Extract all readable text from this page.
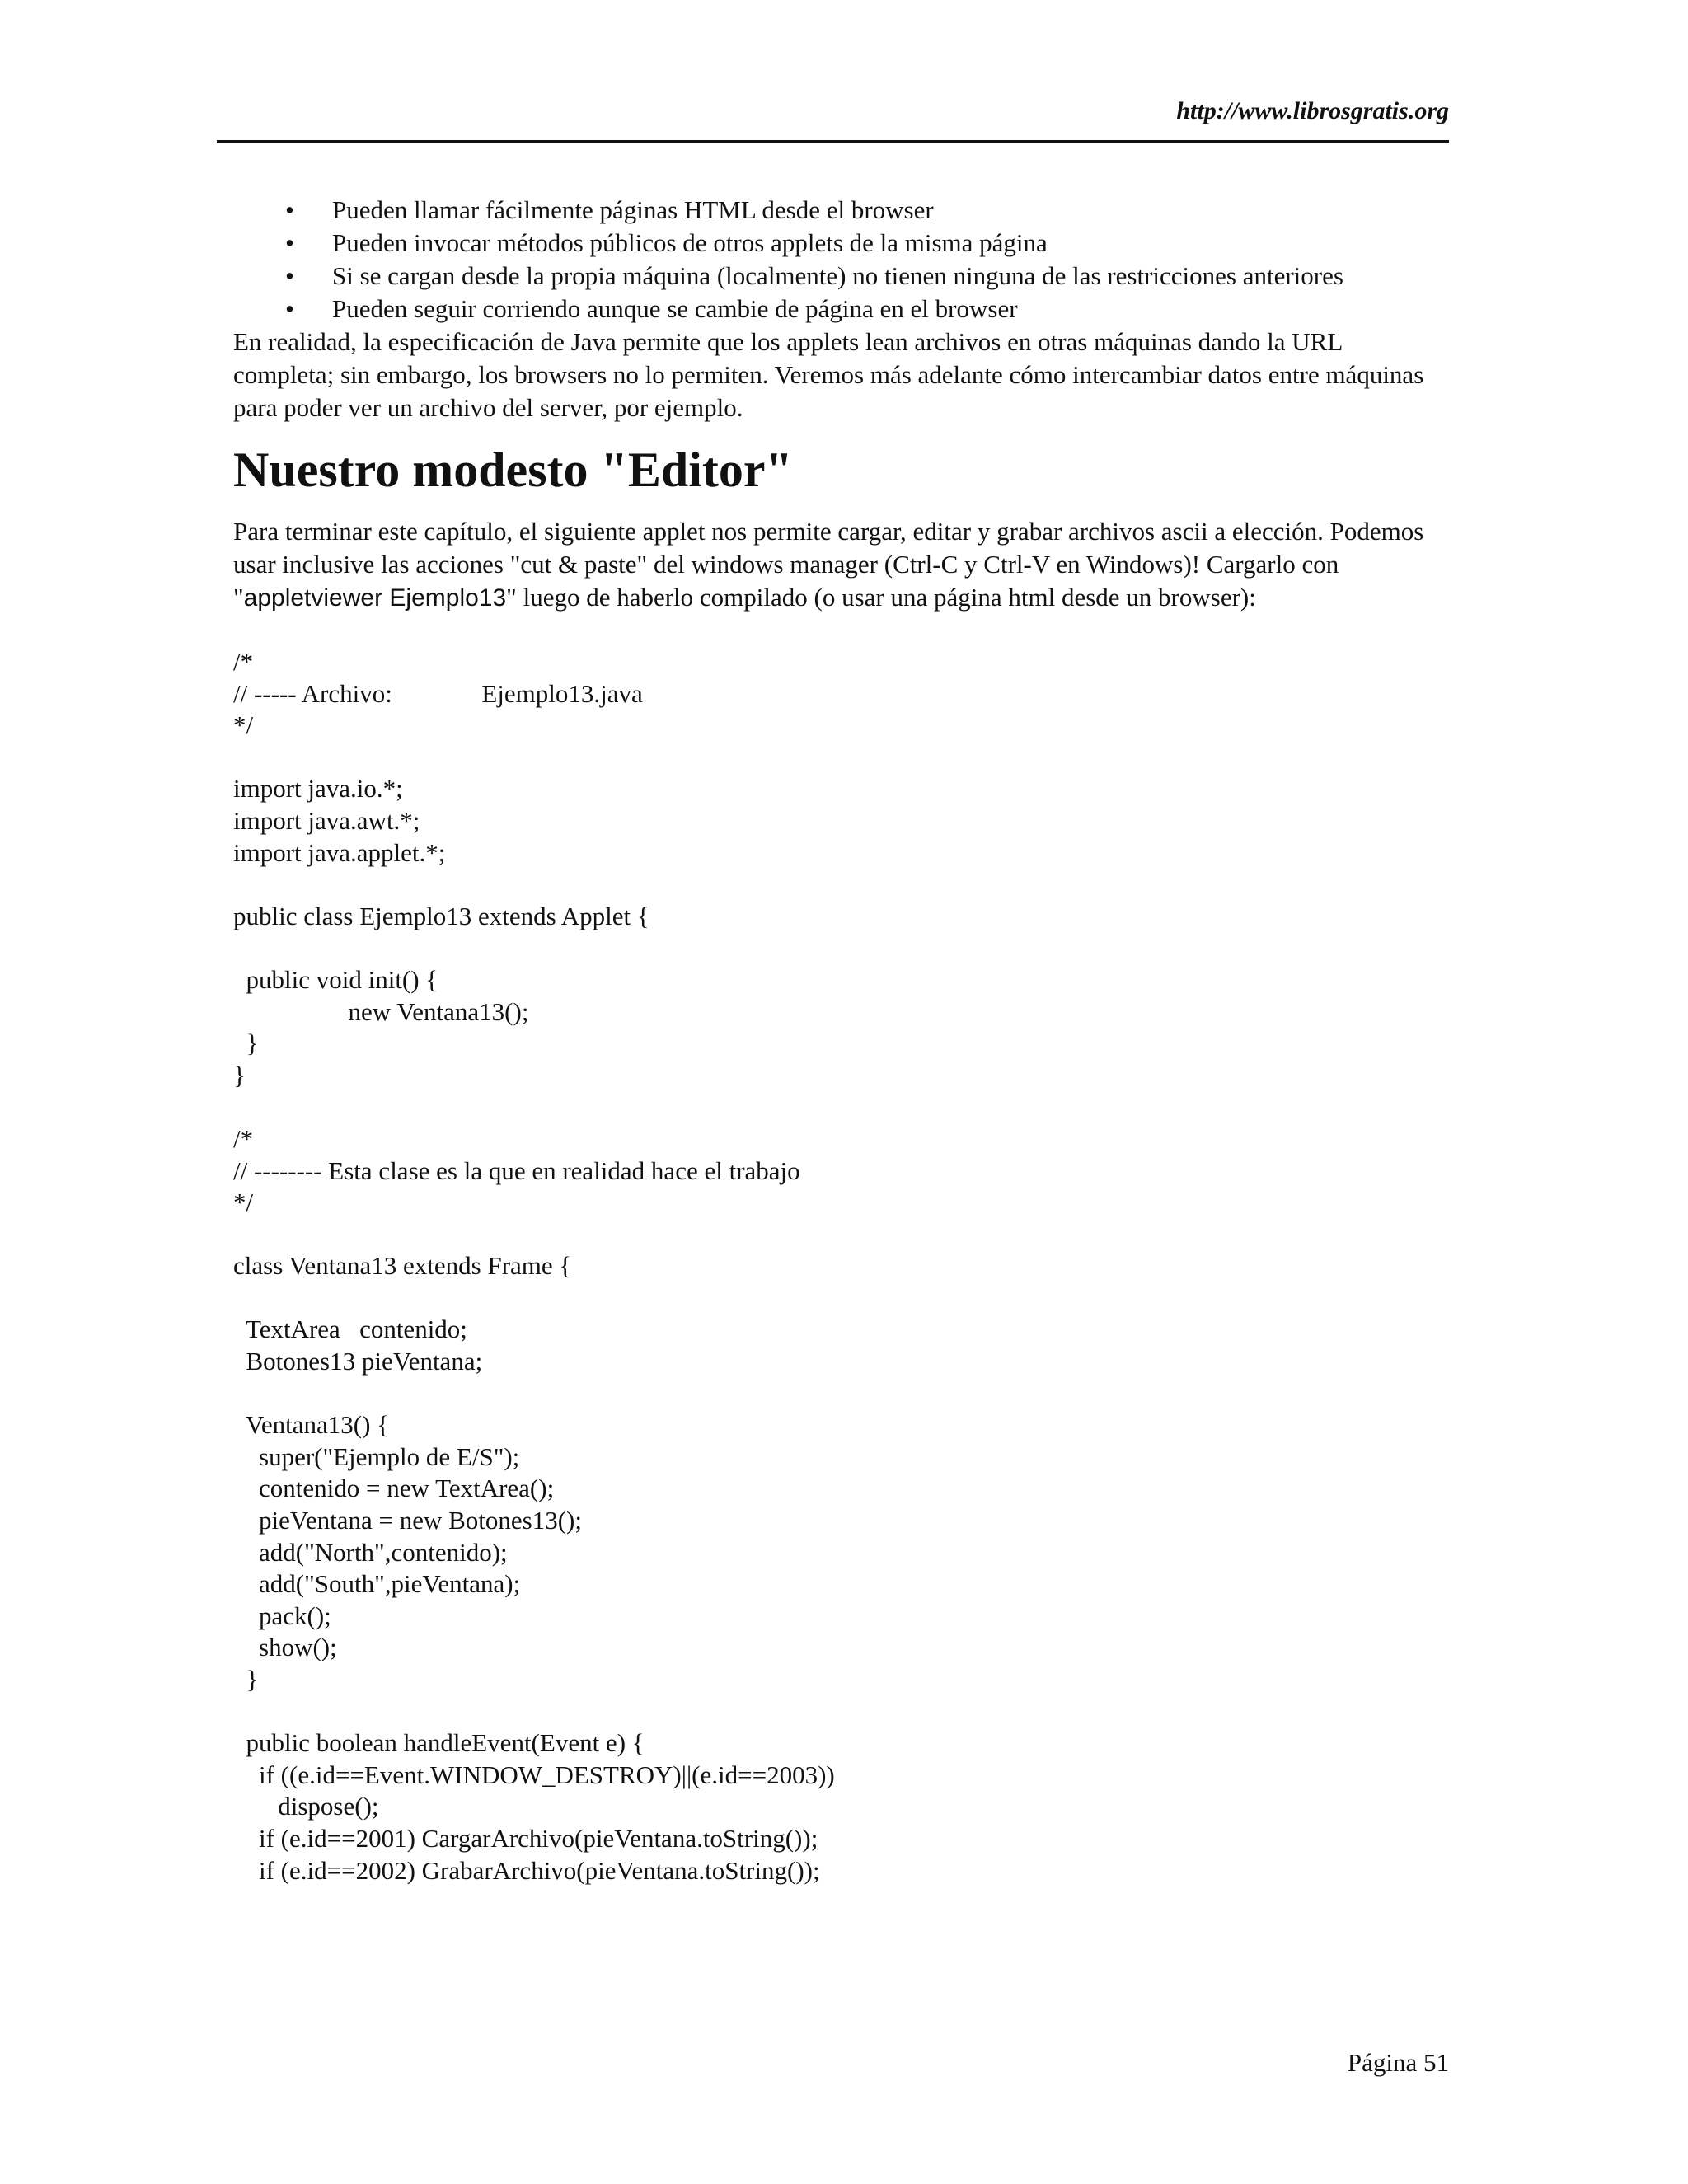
http://www.librosgratis.org
• Pueden llamar fácilmente páginas HTML desde el browser
• Pueden invocar métodos públicos de otros applets de la misma página
• Si se cargan desde la propia máquina (localmente) no tienen ninguna de las restricciones anteriores
• Pueden seguir corriendo aunque se cambie de página en el browser

En realidad, la especificación de Java permite que los applets lean archivos en otras máquinas dando la URL completa; sin embargo, los browsers no lo permiten. Veremos más adelante cómo intercambiar datos entre máquinas para poder ver un archivo del server, por ejemplo.

Nuestro modesto "Editor"

Para terminar este capítulo, el siguiente applet nos permite cargar, editar y grabar archivos ascii a elección. Podemos usar inclusive las acciones "cut & paste" del windows manager (Ctrl-C y Ctrl-V en Windows)! Cargarlo con "appletviewer Ejemplo13" luego de haberlo compilado (o usar una página html desde un browser):

/*
// ----- Archivo:              Ejemplo13.java
*/
import java.io.*;
import java.awt.*;
import java.applet.*;
public class Ejemplo13 extends Applet {
public void init() {
new Ventana13();
}
}
/*
// -------- Esta clase es la que en realidad hace el trabajo
*/
class Ventana13 extends Frame {
TextArea   contenido;
Botones13 pieVentana;
Ventana13() {
super("Ejemplo de E/S");
contenido = new TextArea();
pieVentana = new Botones13();
add("North",contenido);
add("South",pieVentana);
pack();
show();
}
public boolean handleEvent(Event e) {
if ((e.id==Event.WINDOW_DESTROY)||(e.id==2003))
dispose();
if (e.id==2001) CargarArchivo(pieVentana.toString());
if (e.id==2002) GrabarArchivo(pieVentana.toString());
Página 51
